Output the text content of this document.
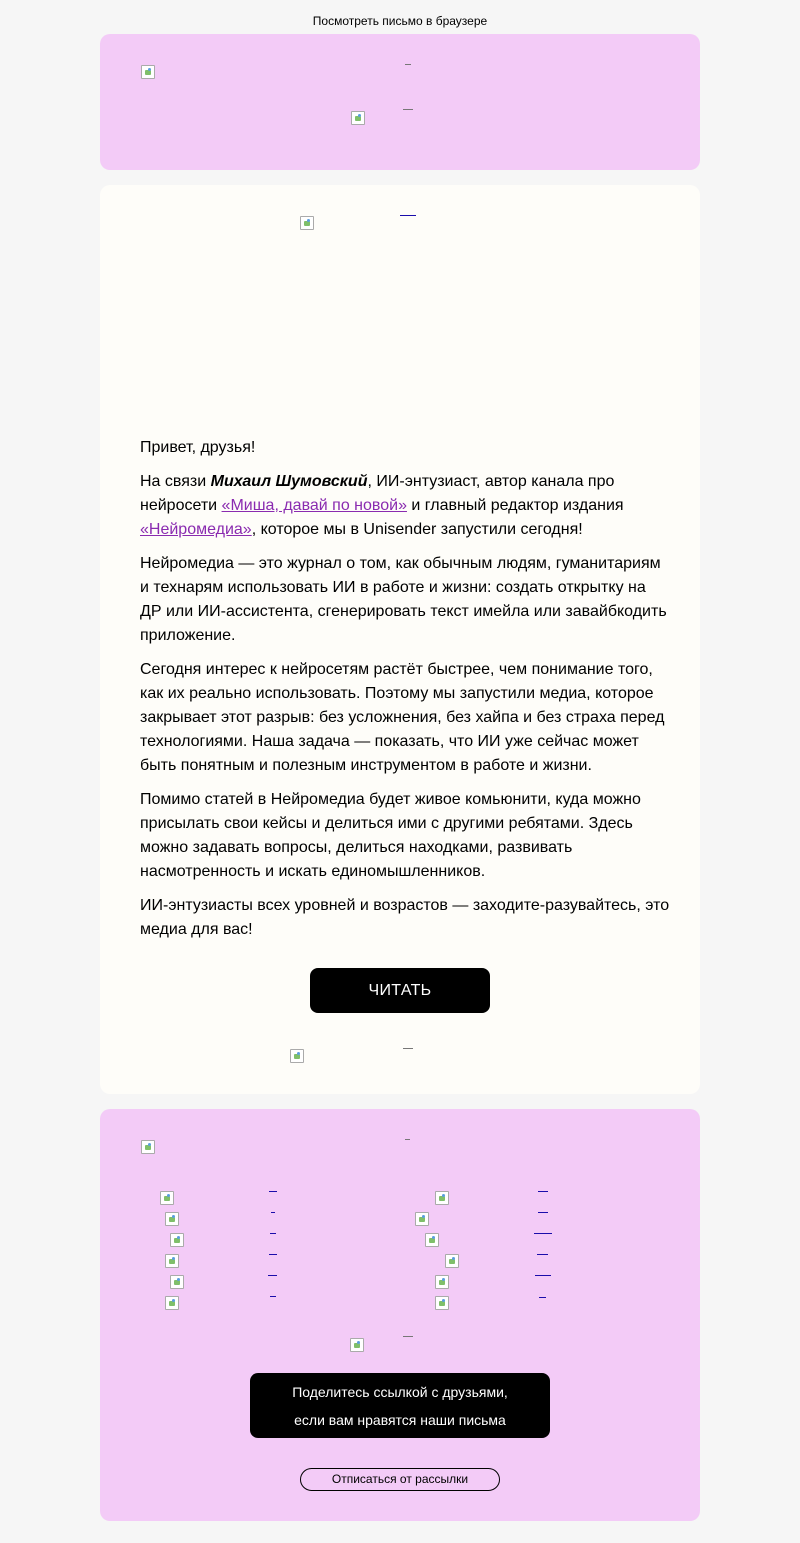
Посмотреть письмо в браузере

Привет, друзья!

На связи Михаил Шумовский, ИИ-энтузиаст, автор канала про нейросети «Миша, давай по новой» и главный редактор издания «Нейромедиа», которое мы в Unisender запустили сегодня!

Нейромедиа — это журнал о том, как обычным людям, гуманитариям и технарям использовать ИИ в работе и жизни: создать открытку на ДР или ИИ-ассистента, сгенерировать текст имейла или завайбкодить приложение.

Сегодня интерес к нейросетям растёт быстрее, чем понимание того, как их реально использовать. Поэтому мы запустили медиа, которое закрывает этот разрыв: без усложнения, без хайпа и без страха перед технологиями. Наша задача — показать, что ИИ уже сейчас может быть понятным и полезным инструментом в работе и жизни.

Помимо статей в Нейромедиа будет живое комьюнити, куда можно присылать свои кейсы и делиться ими с другими ребятами. Здесь можно задавать вопросы, делиться находками, развивать насмотренность и искать единомышленников.

ИИ-энтузиасты всех уровней и возрастов — заходите-разувайтесь, это медиа для вас!

ЧИТАТЬ
Поделитесь ссылкой с друзьями,
если вам нравятся наши письма
Отписаться от рассылки
